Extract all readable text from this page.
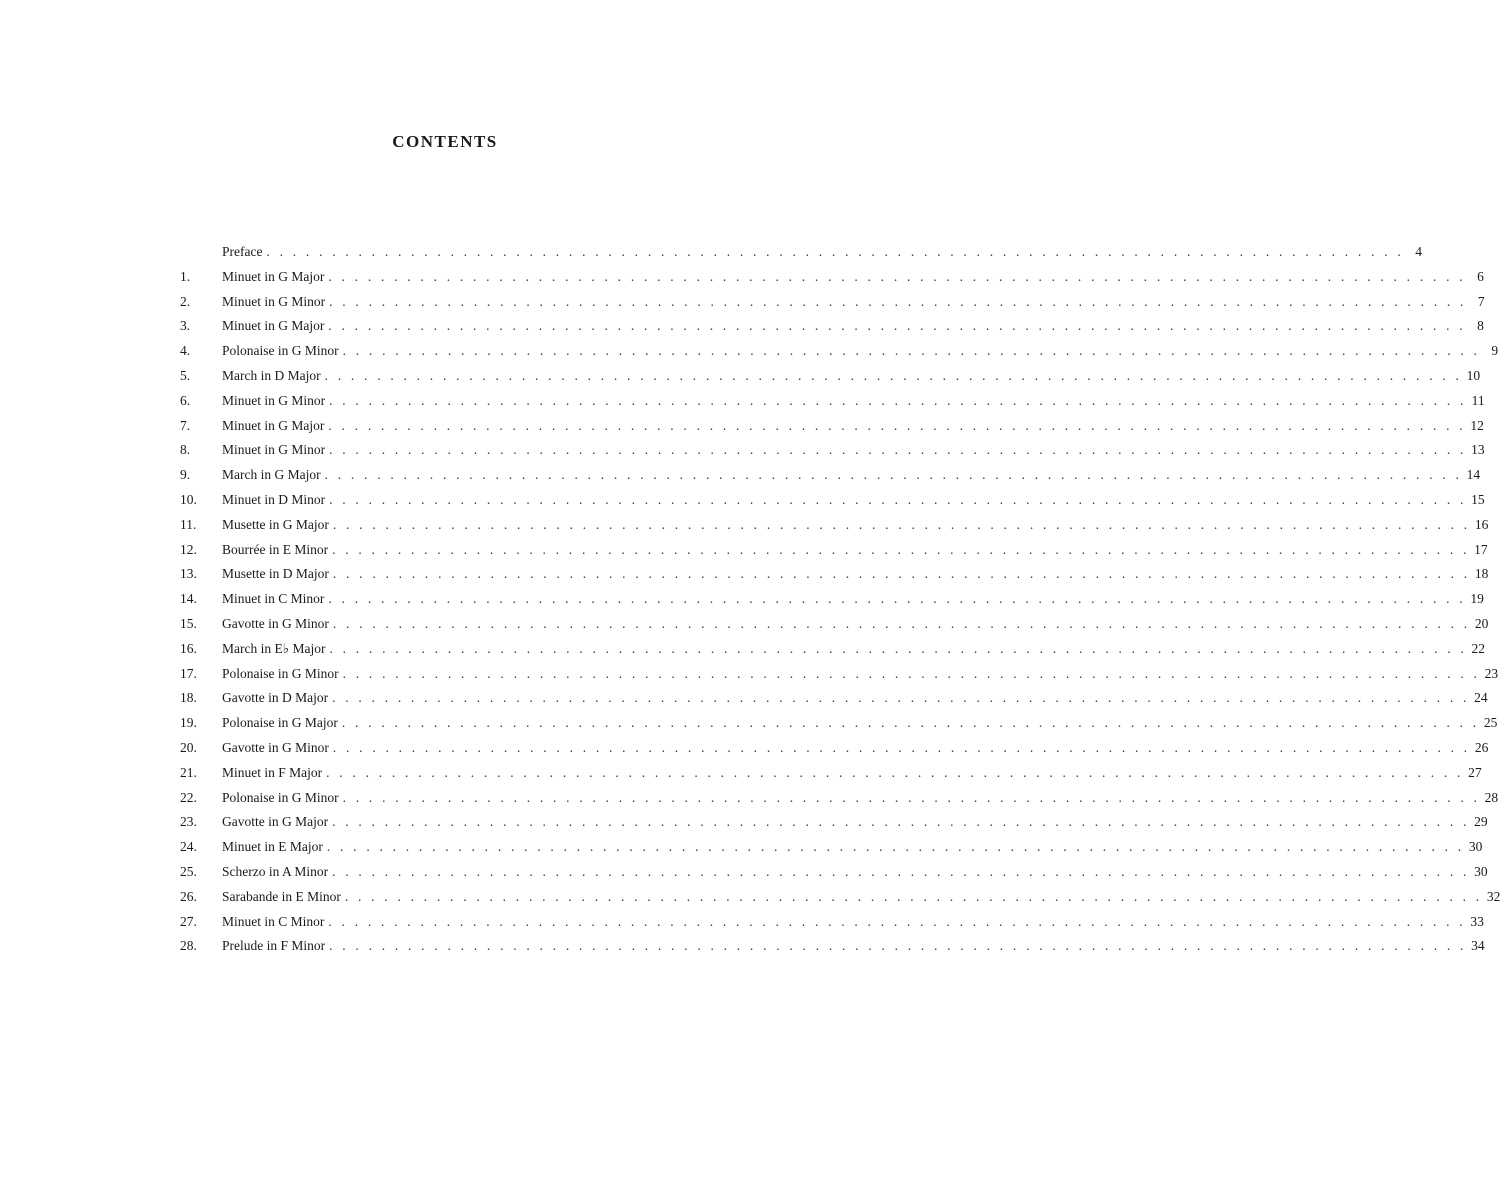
CONTENTS
Preface . . . . . . . . . . . . . . . . . . . . . . . . . . . . . . . . . . . . . . . . . . . . . . . . . . . . . . . . . . . . . . . . . . . . . . . . . . . . . . . . . . . . . . . 4
1.	Minuet in G Major . . . . . . . . . . . . . . . . . . . . . . . . . . . . . . . . . . . . . . . . . . . . . . . . . . . . . . . . . . . . . . . . . . . . . . . . . . . . . . . . . . . . . . . 6
2.	Minuet in G Minor . . . . . . . . . . . . . . . . . . . . . . . . . . . . . . . . . . . . . . . . . . . . . . . . . . . . . . . . . . . . . . . . . . . . . . . . . . . . . . . . . . . . . . . 7
3.	Minuet in G Major . . . . . . . . . . . . . . . . . . . . . . . . . . . . . . . . . . . . . . . . . . . . . . . . . . . . . . . . . . . . . . . . . . . . . . . . . . . . . . . . . . . . . . . 8
4.	Polonaise in G Minor . . . . . . . . . . . . . . . . . . . . . . . . . . . . . . . . . . . . . . . . . . . . . . . . . . . . . . . . . . . . . . . . . . . . . . . . . . . . . . . . . . . . . . . 9
5.	March in D Major . . . . . . . . . . . . . . . . . . . . . . . . . . . . . . . . . . . . . . . . . . . . . . . . . . . . . . . . . . . . . . . . . . . . . . . . . . . . . . . . . . . . . . . 10
6.	Minuet in G Minor . . . . . . . . . . . . . . . . . . . . . . . . . . . . . . . . . . . . . . . . . . . . . . . . . . . . . . . . . . . . . . . . . . . . . . . . . . . . . . . . . . . . . . . 11
7.	Minuet in G Major . . . . . . . . . . . . . . . . . . . . . . . . . . . . . . . . . . . . . . . . . . . . . . . . . . . . . . . . . . . . . . . . . . . . . . . . . . . . . . . . . . . . . . . 12
8.	Minuet in G Minor . . . . . . . . . . . . . . . . . . . . . . . . . . . . . . . . . . . . . . . . . . . . . . . . . . . . . . . . . . . . . . . . . . . . . . . . . . . . . . . . . . . . . . . 13
9.	March in G Major . . . . . . . . . . . . . . . . . . . . . . . . . . . . . . . . . . . . . . . . . . . . . . . . . . . . . . . . . . . . . . . . . . . . . . . . . . . . . . . . . . . . . . . 14
10.	Minuet in D Minor . . . . . . . . . . . . . . . . . . . . . . . . . . . . . . . . . . . . . . . . . . . . . . . . . . . . . . . . . . . . . . . . . . . . . . . . . . . . . . . . . . . . . . . 15
11.	Musette in G Major . . . . . . . . . . . . . . . . . . . . . . . . . . . . . . . . . . . . . . . . . . . . . . . . . . . . . . . . . . . . . . . . . . . . . . . . . . . . . . . . . . . . . . . 16
12.	Bourrée in E Minor . . . . . . . . . . . . . . . . . . . . . . . . . . . . . . . . . . . . . . . . . . . . . . . . . . . . . . . . . . . . . . . . . . . . . . . . . . . . . . . . . . . . . . . 17
13.	Musette in D Major . . . . . . . . . . . . . . . . . . . . . . . . . . . . . . . . . . . . . . . . . . . . . . . . . . . . . . . . . . . . . . . . . . . . . . . . . . . . . . . . . . . . . . . 18
14.	Minuet in C Minor . . . . . . . . . . . . . . . . . . . . . . . . . . . . . . . . . . . . . . . . . . . . . . . . . . . . . . . . . . . . . . . . . . . . . . . . . . . . . . . . . . . . . . . 19
15.	Gavotte in G Minor . . . . . . . . . . . . . . . . . . . . . . . . . . . . . . . . . . . . . . . . . . . . . . . . . . . . . . . . . . . . . . . . . . . . . . . . . . . . . . . . . . . . . . . 20
16.	March in E♭ Major . . . . . . . . . . . . . . . . . . . . . . . . . . . . . . . . . . . . . . . . . . . . . . . . . . . . . . . . . . . . . . . . . . . . . . . . . . . . . . . . . . . . . . . 22
17.	Polonaise in G Minor . . . . . . . . . . . . . . . . . . . . . . . . . . . . . . . . . . . . . . . . . . . . . . . . . . . . . . . . . . . . . . . . . . . . . . . . . . . . . . . . . . . . . . . 23
18.	Gavotte in D Major . . . . . . . . . . . . . . . . . . . . . . . . . . . . . . . . . . . . . . . . . . . . . . . . . . . . . . . . . . . . . . . . . . . . . . . . . . . . . . . . . . . . . . . 24
19.	Polonaise in G Major . . . . . . . . . . . . . . . . . . . . . . . . . . . . . . . . . . . . . . . . . . . . . . . . . . . . . . . . . . . . . . . . . . . . . . . . . . . . . . . . . . . . . . . 25
20.	Gavotte in G Minor . . . . . . . . . . . . . . . . . . . . . . . . . . . . . . . . . . . . . . . . . . . . . . . . . . . . . . . . . . . . . . . . . . . . . . . . . . . . . . . . . . . . . . . 26
21.	Minuet in F Major . . . . . . . . . . . . . . . . . . . . . . . . . . . . . . . . . . . . . . . . . . . . . . . . . . . . . . . . . . . . . . . . . . . . . . . . . . . . . . . . . . . . . . . 27
22.	Polonaise in G Minor . . . . . . . . . . . . . . . . . . . . . . . . . . . . . . . . . . . . . . . . . . . . . . . . . . . . . . . . . . . . . . . . . . . . . . . . . . . . . . . . . . . . . . . 28
23.	Gavotte in G Major . . . . . . . . . . . . . . . . . . . . . . . . . . . . . . . . . . . . . . . . . . . . . . . . . . . . . . . . . . . . . . . . . . . . . . . . . . . . . . . . . . . . . . . 29
24.	Minuet in E Major . . . . . . . . . . . . . . . . . . . . . . . . . . . . . . . . . . . . . . . . . . . . . . . . . . . . . . . . . . . . . . . . . . . . . . . . . . . . . . . . . . . . . . . 30
25.	Scherzo in A Minor . . . . . . . . . . . . . . . . . . . . . . . . . . . . . . . . . . . . . . . . . . . . . . . . . . . . . . . . . . . . . . . . . . . . . . . . . . . . . . . . . . . . . . . 30
26.	Sarabande in E Minor . . . . . . . . . . . . . . . . . . . . . . . . . . . . . . . . . . . . . . . . . . . . . . . . . . . . . . . . . . . . . . . . . . . . . . . . . . . . . . . . . . . . . . . 32
27.	Minuet in C Minor . . . . . . . . . . . . . . . . . . . . . . . . . . . . . . . . . . . . . . . . . . . . . . . . . . . . . . . . . . . . . . . . . . . . . . . . . . . . . . . . . . . . . . . 33
28.	Prelude in F Minor . . . . . . . . . . . . . . . . . . . . . . . . . . . . . . . . . . . . . . . . . . . . . . . . . . . . . . . . . . . . . . . . . . . . . . . . . . . . . . . . . . . . . . . 34
